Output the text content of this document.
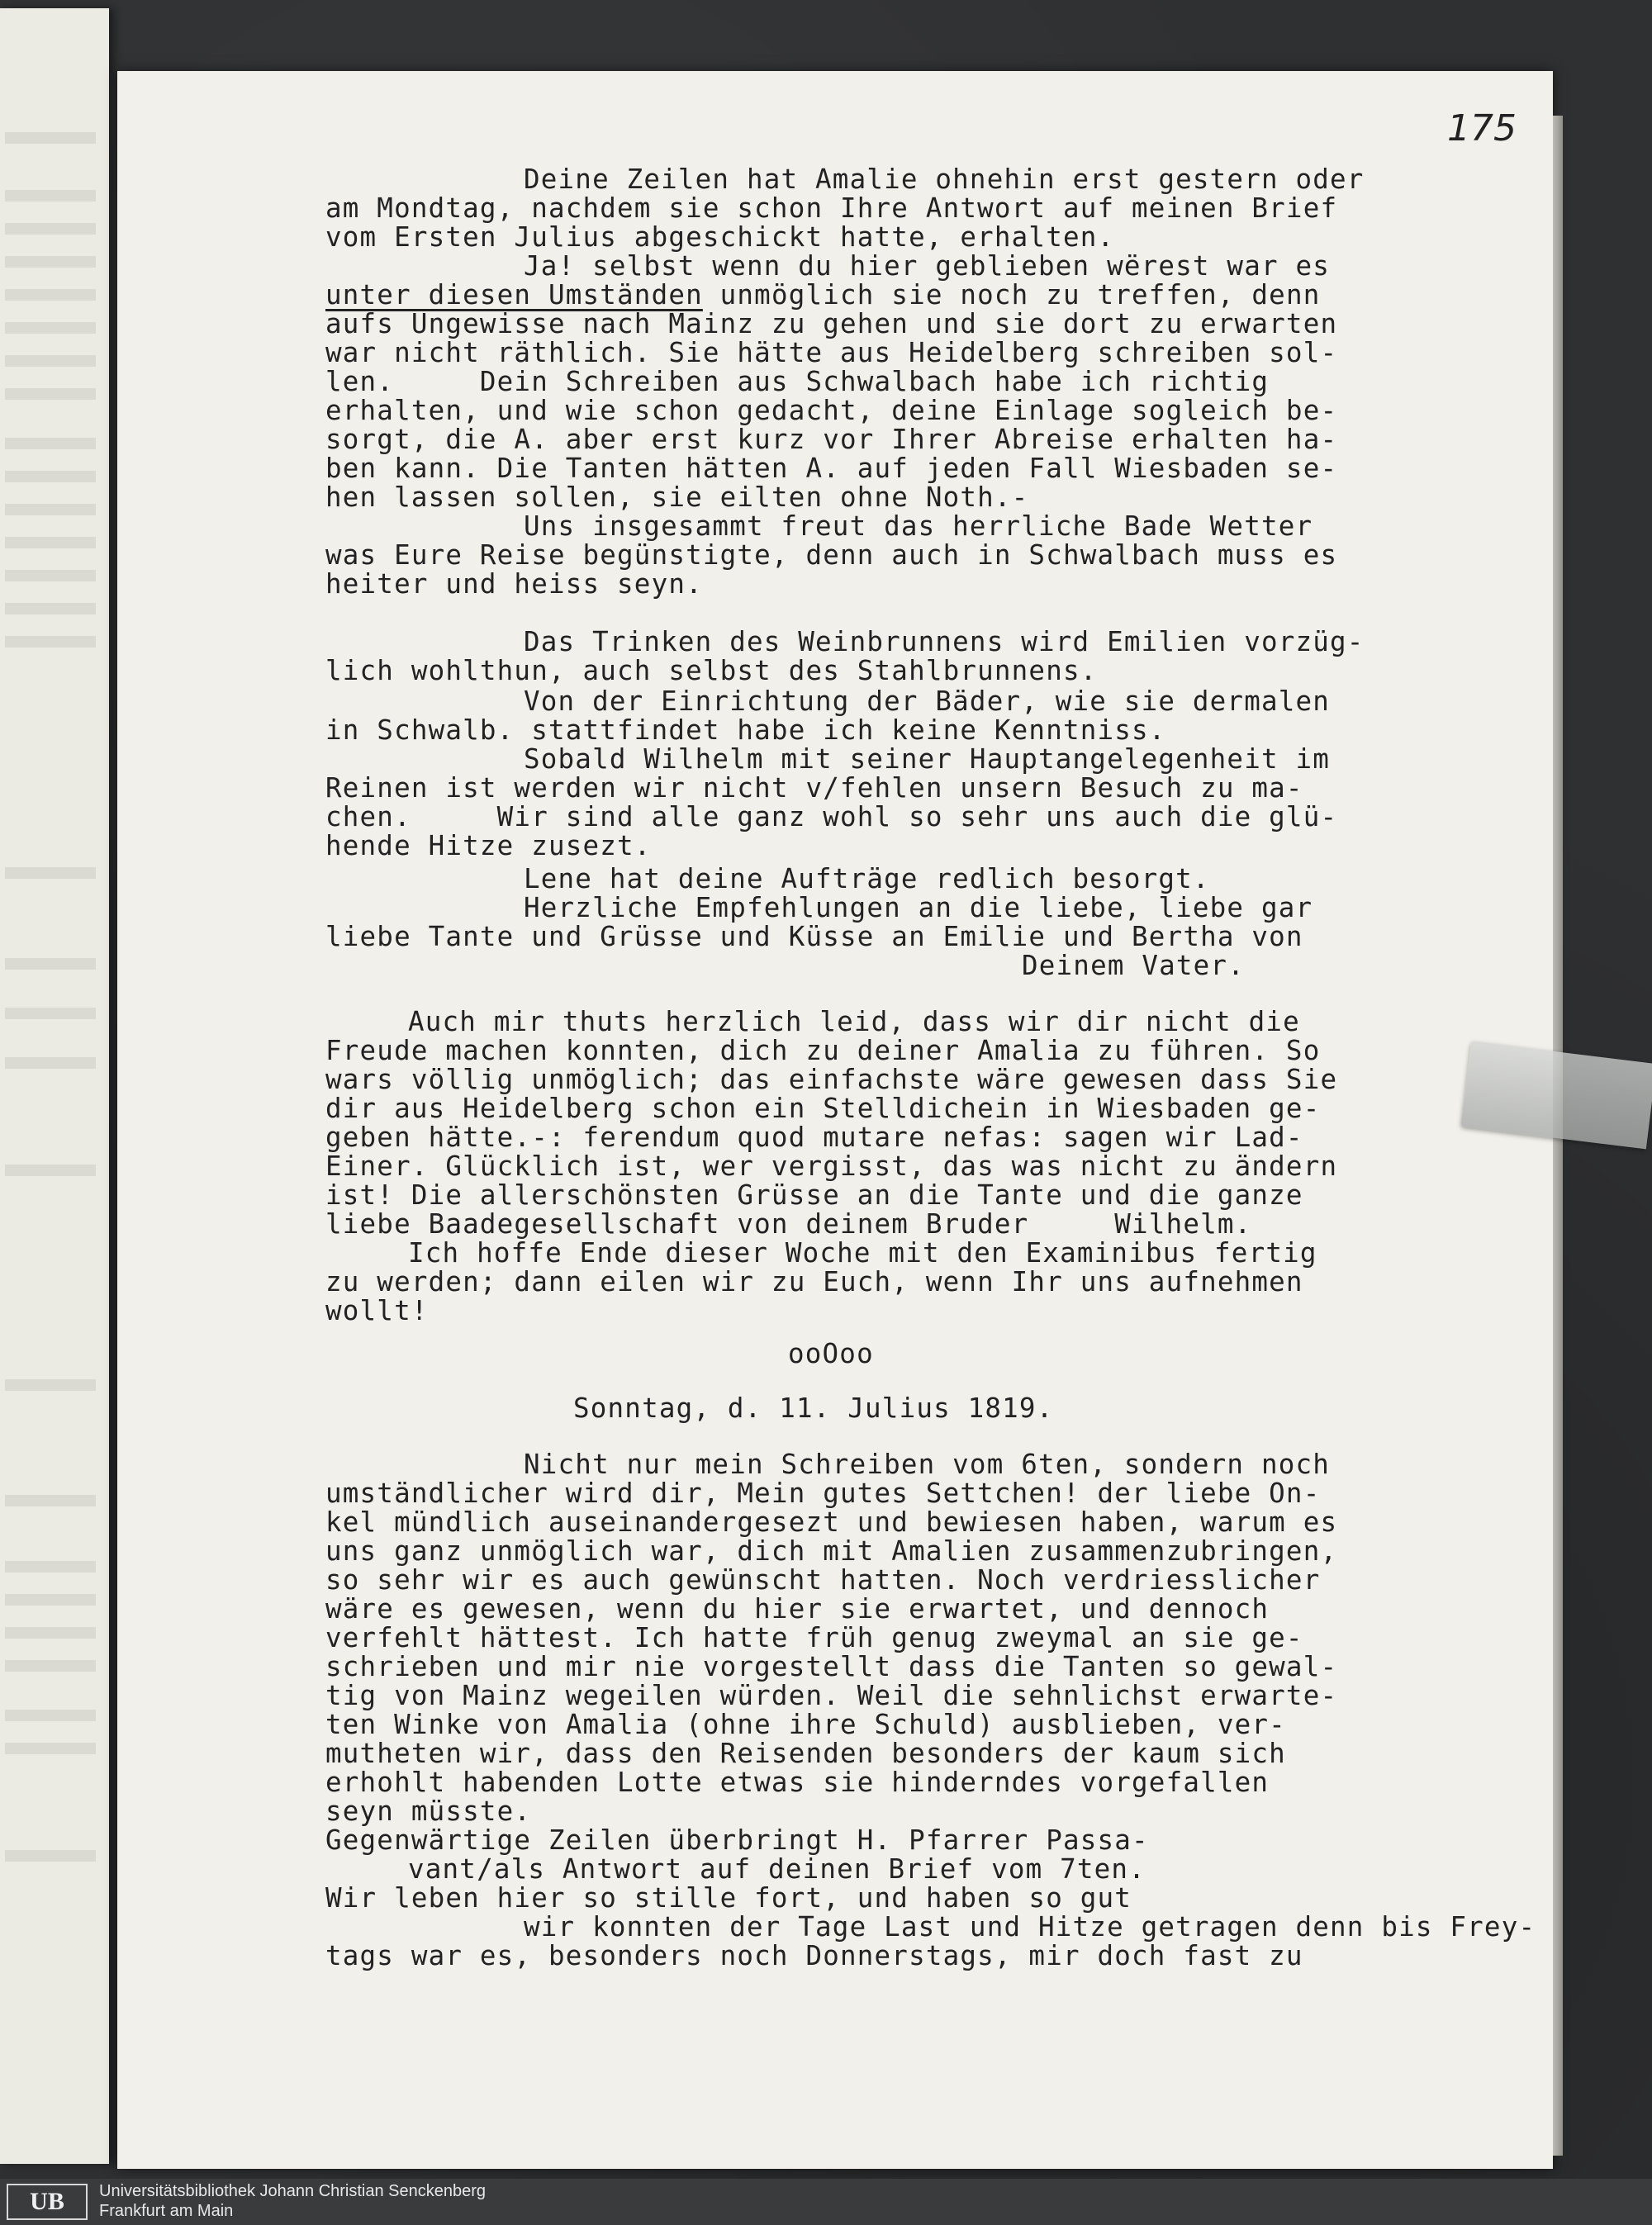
175
Deine Zeilen hat Amalie ohnehin erst gestern oder
am Mondtag, nachdem sie schon Ihre Antwort auf meinen Brief
vom Ersten Julius abgeschickt hatte, erhalten.
Ja! selbst wenn du hier geblieben wërest war es
unter diesen Umständen unmöglich sie noch zu treffen, denn
aufs Ungewisse nach Mainz zu gehen und sie dort zu erwarten
war nicht räthlich. Sie hätte aus Heidelberg schreiben sol-
len.     Dein Schreiben aus Schwalbach habe ich richtig
erhalten, und wie schon gedacht, deine Einlage sogleich be-
sorgt, die A. aber erst kurz vor Ihrer Abreise erhalten ha-
ben kann. Die Tanten hätten A. auf jeden Fall Wiesbaden se-
hen lassen sollen, sie eilten ohne Noth.-
Uns insgesammt freut das herrliche Bade Wetter
was Eure Reise begünstigte, denn auch in Schwalbach muss es
heiter und heiss seyn.
Das Trinken des Weinbrunnens wird Emilien vorzüg-
lich wohlthun, auch selbst des Stahlbrunnens.
Von der Einrichtung der Bäder, wie sie dermalen
in Schwalb. stattfindet habe ich keine Kenntniss.
Sobald Wilhelm mit seiner Hauptangelegenheit im
Reinen ist werden wir nicht v/fehlen unsern Besuch zu ma-
chen.     Wir sind alle ganz wohl so sehr uns auch die glü-
hende Hitze zusezt.
Lene hat deine Aufträge redlich besorgt.
Herzliche Empfehlungen an die liebe, liebe gar
liebe Tante und Grüsse und Küsse an Emilie und Bertha von
Deinem Vater.
Auch mir thuts herzlich leid, dass wir dir nicht die
Freude machen konnten, dich zu deiner Amalia zu führen. So
wars völlig unmöglich; das einfachste wäre gewesen dass Sie
dir aus Heidelberg schon ein Stelldichein in Wiesbaden ge-
geben hätte.-: ferendum quod mutare nefas: sagen wir Lad-
Einer. Glücklich ist, wer vergisst, das was nicht zu ändern
ist! Die allerschönsten Grüsse an die Tante und die ganze
liebe Baadegesellschaft von deinem Bruder     Wilhelm.
Ich hoffe Ende dieser Woche mit den Examinibus fertig
zu werden; dann eilen wir zu Euch, wenn Ihr uns aufnehmen
wollt!
ooOoo
Sonntag, d. 11. Julius 1819.
Nicht nur mein Schreiben vom 6ten, sondern noch
umständlicher wird dir, Mein gutes Settchen! der liebe On-
kel mündlich auseinandergesezt und bewiesen haben, warum es
uns ganz unmöglich war, dich mit Amalien zusammenzubringen,
so sehr wir es auch gewünscht hatten. Noch verdriesslicher
wäre es gewesen, wenn du hier sie erwartet, und dennoch
verfehlt hättest. Ich hatte früh genug zweymal an sie ge-
schrieben und mir nie vorgestellt dass die Tanten so gewal-
tig von Mainz wegeilen würden. Weil die sehnlichst erwarte-
ten Winke von Amalia (ohne ihre Schuld) ausblieben, ver-
mutheten wir, dass den Reisenden besonders der kaum sich
erhohlt habenden Lotte etwas sie hinderndes vorgefallen
seyn müsste.
Gegenwärtige Zeilen überbringt H. Pfarrer Passa-
vant/als Antwort auf deinen Brief vom 7ten.
Wir leben hier so stille fort, und haben so gut
wir konnten der Tage Last und Hitze getragen denn bis Frey-
tags war es, besonders noch Donnerstags, mir doch fast zu
UB	Universitätsbibliothek Johann Christian Senckenberg
Frankfurt am Main
